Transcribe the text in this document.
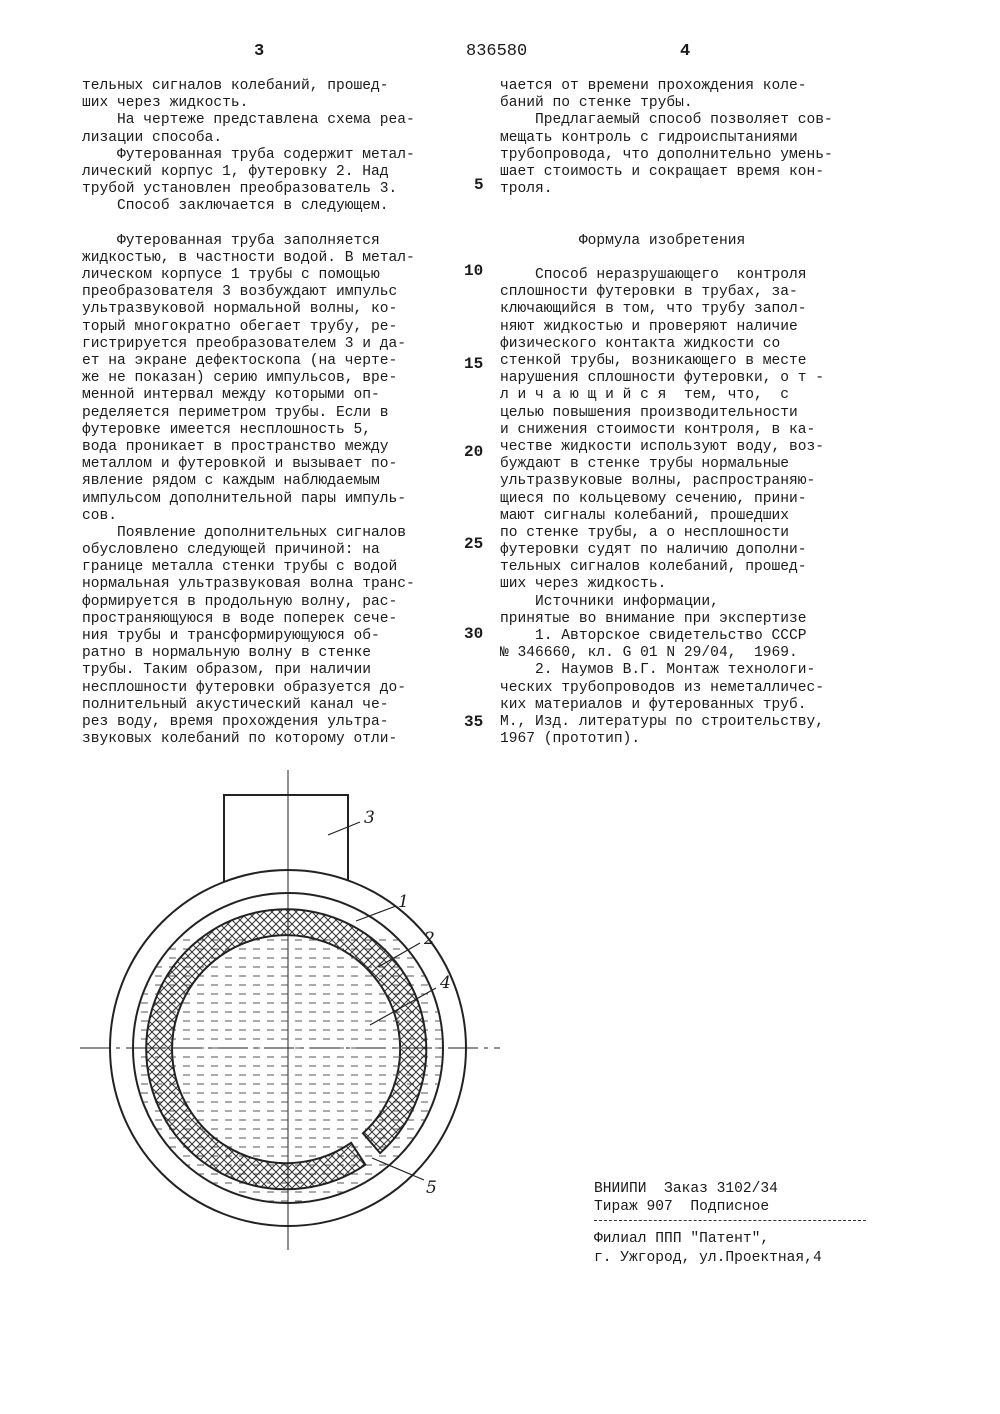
3	836580	4
тельных сигналов колебаний, прошед-
ших через жидкость.
На чертеже представлена схема реа-
лизации способа.
Футерованная труба содержит метал-
лический корпус 1, футеровку 2. Над
трубой установлен преобразователь 3.
Способ заключается в следующем.
Футерованная труба заполняется
жидкостью, в частности водой. В метал-
лическом корпусе 1 трубы с помощью
преобразователя 3 возбуждают импульс
ультразвуковой нормальной волны, ко-
торый многократно обегает трубу, ре-
гистрируется преобразователем 3 и да-
ет на экране дефектоскопа (на черте-
же не показан) серию импульсов, вре-
менной интервал между которыми оп-
ределяется периметром трубы. Если в
футеровке имеется несплошность 5,
вода проникает в пространство между
металлом и футеровкой и вызывает по-
явление рядом с каждым наблюдаемым
импульсом дополнительной пары импуль-
сов.
Появление дополнительных сигналов
обусловлено следующей причиной: на
границе металла стенки трубы с водой
нормальная ультразвуковая волна транс-
формируется в продольную волну, рас-
пространяющуюся в воде поперек сече-
ния трубы и трансформирующуюся об-
ратно в нормальную волну в стенке
трубы. Таким образом, при наличии
несплошности футеровки образуется до-
полнительный акустический канал че-
рез воду, время прохождения ультра-
звуковых колебаний по которому отли-
чается от времени прохождения коле-
баний по стенке трубы.
Предлагаемый способ позволяет сов-
мещать контроль с гидроиспытаниями
трубопровода, что дополнительно умень-
шает стоимость и сокращает время кон-
троля.
Формула изобретения
Способ неразрушающего  контроля
сплошности футеровки в трубах, за-
ключающийся в том, что трубу запол-
няют жидкостью и проверяют наличие
физического контакта жидкости со
стенкой трубы, возникающего в месте
нарушения сплошности футеровки, о т -
л и ч а ю щ и й с я  тем, что,  с
целью повышения производительности
и снижения стоимости контроля, в ка-
честве жидкости используют воду, воз-
буждают в стенке трубы нормальные
ультразвуковые волны, распространяю-
щиеся по кольцевому сечению, прини-
мают сигналы колебаний, прошедших
по стенке трубы, а о несплошности
футеровки судят по наличию дополни-
тельных сигналов колебаний, прошед-
ших через жидкость.
Источники информации,
принятые во внимание при экспертизе
1. Авторское свидетельство СССР
№ 346660, кл. G 01 N 29/04,  1969.
2. Наумов В.Г. Монтаж технологи-
ческих трубопроводов из неметалличес-
ких материалов и футерованных труб.
М., Изд. литературы по строительству,
1967 (прототип).
5
10
15
20
25
30
35
3
1
2
4
5	ВНИИПИ  Заказ 3102/34
Тираж 907  Подписное
Филиал ППП "Патент",
г. Ужгород, ул.Проектная,4
